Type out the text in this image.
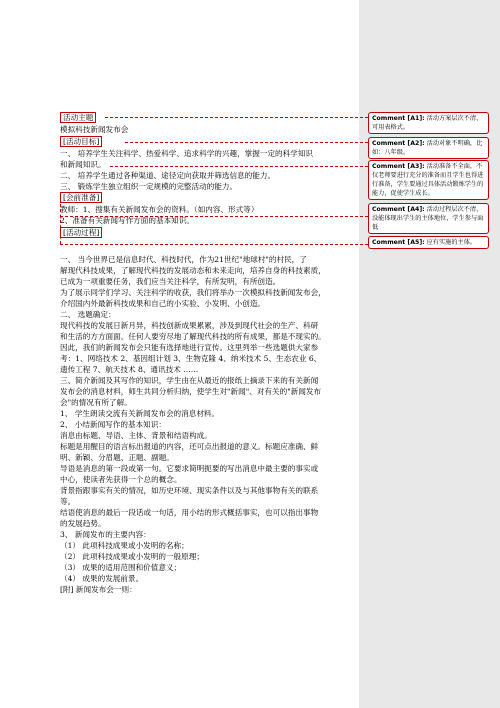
活动主题
模拟科技新闻发布会
[活动目标]
一、 培养学生关注科学、热爱科学、追求科学的兴趣，掌握一定的科学知识
和新闻知识。
二、 培养学生通过各种渠道、途径定向获取并筛选信息的能力。
三、 锻炼学生独立组织一定规模的完整活动的能力。
[会前准备]
教师：1、搜集有关新闻发布会的资料。（如内容、形式等）
2、准备有关新闻写作方面的基本知识。
[活动过程]
一、 当今世界已是信息时代、科技时代，作为21世纪"地球村"的村民，了
解现代科技成果，了解现代科技的发展动态和未来走向，培养自身的科技素质，
已成为一项重要任务，我们应当关注科学，有所发明，有所创造。
为了展示同学们学习、关注科学的收获，我们将举办一次模拟科技新闻发布会，
介绍国内外最新科技成果和自己的小实验、小发明、小创造。
二、 选题确定：
现代科技的发展日新月异，科技创新成果累累，涉及到现代社会的生产、科研
和生活的方方面面。任何人要穷尽地了解现代科技的所有成果，都是不现实的。
因此，我们的新闻发布会只能有选择地进行宣传。这里列举一些选题供大家参
考：1、网络技术 2、基因组计划 3、生物克隆 4、纳米技术 5、生态农业 6、
遗传工程 7、航天技术 8、通讯技术 ……
三、简介新闻及其写作的知识，学生由在从最近的报纸上摘录下来的有关新闻
发布会的消息材料，师生共同分析归纳，使学生对"新闻"、对有关的"新闻发布
会"的情况有所了解。
1、 学生朗读交流有关新闻发布会的消息材料。
2、 小结新闻写作的基本知识：
消息由标题、导语、主体、背景和结语构成。
标题是用醒目的语言标出报道的内容，还可点出报道的意义。标题应准确、鲜
明、新颖、分眉题、正题、副题。
导语是消息的第一段或第一句。它要求简明扼要的写出消息中最主要的事实或
中心，使读者先获得一个总的概念。
背景指跟事实有关的情况，如历史环境、现实条件以及与其他事物有关的联系
等。
结语使消息的最后一段话或一句话，用小结的形式概括事实，也可以指出事物
的发展趋势。
3、 新闻发布的主要内容：
（1） 此项科技成果或小发明的名称；
（2） 此项科技成果或小发明的一般原理；
（3） 成果的适用范围和价值意义；
（4） 成果的发展前景。
[附] 新闻发布会一则：
Comment [A1]: 活动方案层次不清，可用表格式。
Comment [A2]: 活动对象不明确，比如：八年级。
Comment [A3]: 活动准备不全面，不仅老师要进行充分的准备而且学生也得进行准备，学生要通过具体活动锻炼学生的能力，促使学生成长。
Comment [A4]: 活动过程层次不清，没能体现出学生的主体地位，学生参与面低
Comment [A5]: 应有实施的主体。
